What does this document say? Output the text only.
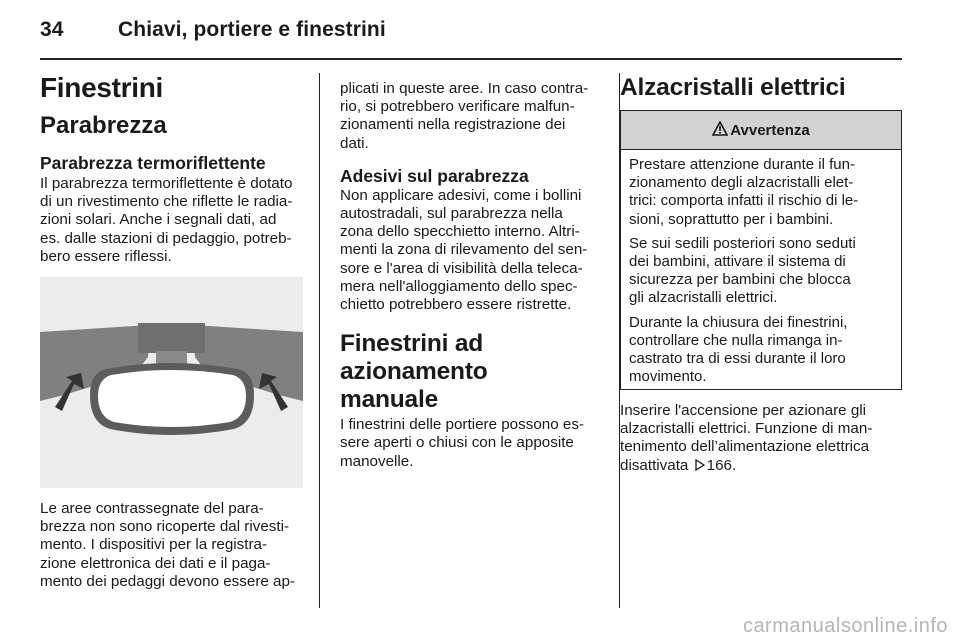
34	Chiavi, portiere e finestrini
Finestrini
Parabrezza
Parabrezza termoriflettente
Il parabrezza termoriflettente è dotato
di un rivestimento che riflette le radia-
zioni solari. Anche i segnali dati, ad
es. dalle stazioni di pedaggio, potreb-
bero essere riflessi.
Le aree contrassegnate del para-
brezza non sono ricoperte dal rivesti-
mento. I dispositivi per la registra-
zione elettronica dei dati e il paga-
mento dei pedaggi devono essere ap-
plicati in queste aree. In caso contra-
rio, si potrebbero verificare malfun-
zionamenti nella registrazione dei
dati.
Adesivi sul parabrezza
Non applicare adesivi, come i bollini
autostradali, sul parabrezza nella
zona dello specchietto interno. Altri-
menti la zona di rilevamento del sen-
sore e l'area di visibilità della teleca-
mera nell'alloggiamento dello spec-
chietto potrebbero essere ristrette.
Finestrini ad azionamento
manuale
I finestrini delle portiere possono es-
sere aperti o chiusi con le apposite
manovelle.
Alzacristalli elettrici
Avvertenza

Prestare attenzione durante il fun-
zionamento degli alzacristalli elet-
trici: comporta infatti il rischio di le-
sioni, soprattutto per i bambini.

Se sui sedili posteriori sono seduti
dei bambini, attivare il sistema di
sicurezza per bambini che blocca
gli alzacristalli elettrici.

Durante la chiusura dei finestrini,
controllare che nulla rimanga in-
castrato tra di essi durante il loro
movimento.

Inserire l'accensione per azionare gli
alzacristalli elettrici. Funzione di man-
tenimento dell’alimentazione elettrica
disattivata 166.
carmanualsonline.info
